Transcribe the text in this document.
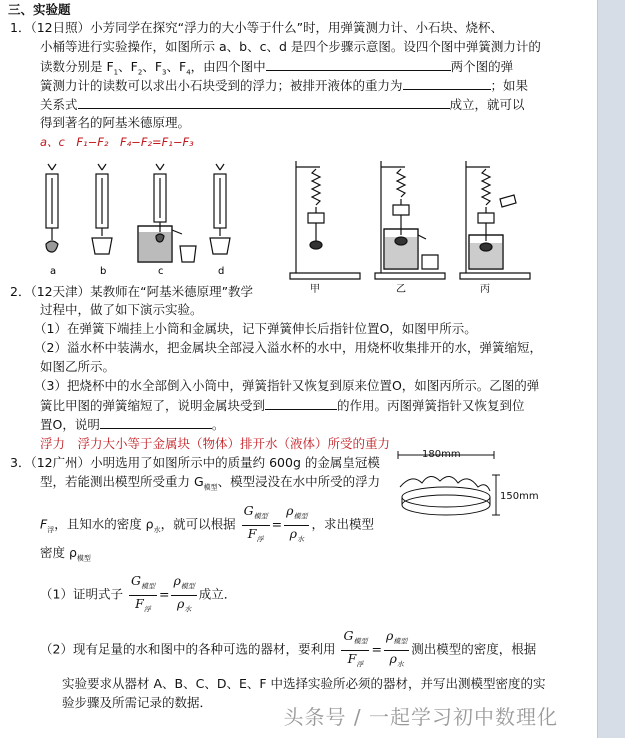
三、实验题
1．（12日照）小芳同学在探究“浮力的大小等于什么”时，用弹簧测力计、小石块、烧杯、
小桶等进行实验操作，如图所示 a、b、c、d 是四个步骤示意图。设四个图中弹簧测力计的
读数分别是 $F_1$、$F_2$、$F_3$、$F_4$，由四个图中	两个图的弹
簧测力计的读数可以求出小石块受到的浮力；被排开液体的重力为	；如果
关系式	成立，就可以
得到著名的阿基米德原理。
a、c　F₁−F₂　F₄−F₂=F₁−F₃
a	b	c	d
甲	乙	丙
2．（12天津）某教师在“阿基米德原理”教学
过程中，做了如下演示实验。
（1）在弹簧下端挂上小筒和金属块，记下弹簧伸长后指针位置O，如图甲所示。
（2）溢水杯中装满水，把金属块全部浸入溢水杯的水中，用烧杯收集排开的水，弹簧缩短，
如图乙所示。
（3）把烧杯中的水全部倒入小筒中，弹簧指针又恢复到原来位置O，如图丙所示。乙图的弹
簧比甲图的弹簧缩短了，说明金属块受到	的作用。丙图弹簧指针又恢复到位
置O，说明	。
浮力　浮力大小等于金属块（物体）排开水（液体）所受的重力
3．（12广州）小明选用了如图所示中的质量约 600g 的金属皇冠模
型，若能测出模型所受重力 $G_{模型}$、模型浸没在水中所受的浮力
180mm
150mm
$F_浮$，且知水的密度 $\rho_水$，就可以根据 $\frac{G_{模型}}{F_浮} = \frac{\rho_{模型}}{\rho_水}$ ，求出模型
密度 $\rho_{模型}$
（1）证明式子 $\frac{G_{模型}}{F_浮} = \frac{\rho_{模型}}{\rho_水}$ 成立．
（2）现有足量的水和图中的各种可选的器材，要利用 $\frac{G_{模型}}{F_浮} = \frac{\rho_{模型}}{\rho_水}$ 测出模型的密度，根据
实验要求从器材 A、B、C、D、E、F 中选择实验所必须的器材，并写出测模型密度的实
验步骤及所需记录的数据．
头条号 / 一起学习初中数理化
